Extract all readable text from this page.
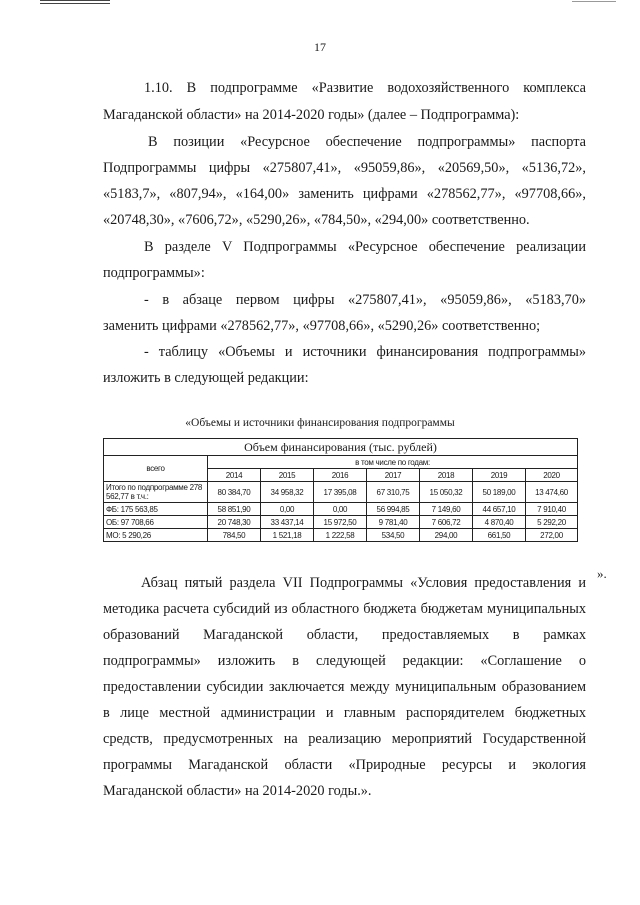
17

1.10. В подпрограмме «Развитие водохозяйственного комплекса

Магаданской области» на 2014-2020 годы» (далее – Подпрограмма):

В позиции «Ресурсное обеспечение подпрограммы» паспорта

Подпрограммы цифры «275807,41», «95059,86», «20569,50», «5136,72»,

«5183,7», «807,94», «164,00» заменить цифрами «278562,77», «97708,66»,

«20748,30», «7606,72», «5290,26», «784,50», «294,00» соответственно.

В разделе V Подпрограммы «Ресурсное обеспечение реализации

подпрограммы»:

- в абзаце первом цифры «275807,41», «95059,86», «5183,70»

заменить цифрами «278562,77», «97708,66», «5290,26» соответственно;

- таблицу «Объемы и источники финансирования подпрограммы»

изложить в следующей редакции:

«Объемы и источники финансирования подпрограммы
Объем финансирования (тыс. рублей)							
всего	в том числе по годам:						
	2014	2015	2016	2017	2018	2019	2020
Итого по подпрограмме 278 562,77 в т.ч.:	80 384,70	34 958,32	17 395,08	67 310,75	15 050,32	50 189,00	13 474,60
ФБ: 175 563,85	58 851,90	0,00	0,00	56 994,85	7 149,60	44 657,10	7 910,40
ОБ: 97 708,66	20 748,30	33 437,14	15 972,50	9 781,40	7 606,72	4 870,40	5 292,20
МО: 5 290,26	784,50	1 521,18	1 222,58	534,50	294,00	661,50	272,00
».

Абзац пятый раздела VII Подпрограммы «Условия предоставления и методика расчета субсидий из областного бюджета бюджетам муниципальных образований Магаданской области, предоставляемых в рамках подпрограммы» изложить в следующей редакции: «Соглашение о предоставлении субсидии заключается между муниципальным образованием в лице местной администрации и главным распорядителем бюджетных средств, предусмотренных на реализацию мероприятий Государственной программы Магаданской области «Природные ресурсы и экология Магаданской области» на 2014-2020 годы.».
